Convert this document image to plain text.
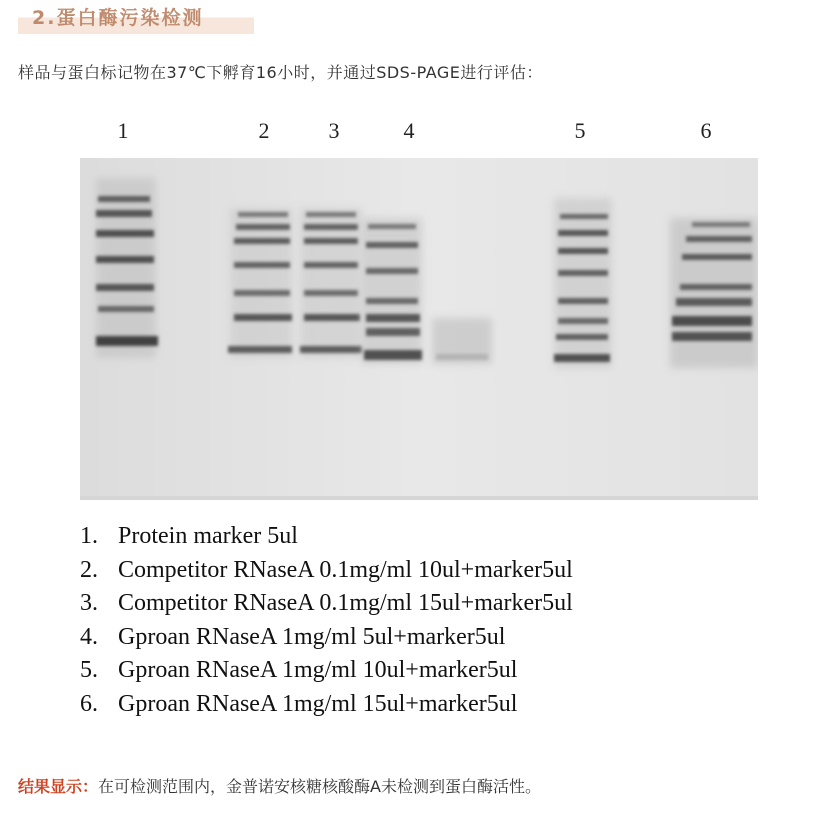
2.蛋白酶污染检测
样品与蛋白标记物在37℃下孵育16小时，并通过SDS-PAGE进行评估：
1	2	3	4	5	6
1. Protein marker 5ul
2. Competitor RNaseA 0.1mg/ml 10ul+marker5ul
3. Competitor RNaseA 0.1mg/ml 15ul+marker5ul
4. Gproan RNaseA 1mg/ml 5ul+marker5ul
5. Gproan RNaseA 1mg/ml 10ul+marker5ul
6. Gproan RNaseA 1mg/ml 15ul+marker5ul
结果显示：在可检测范围内，金普诺安核糖核酸酶A未检测到蛋白酶活性。
